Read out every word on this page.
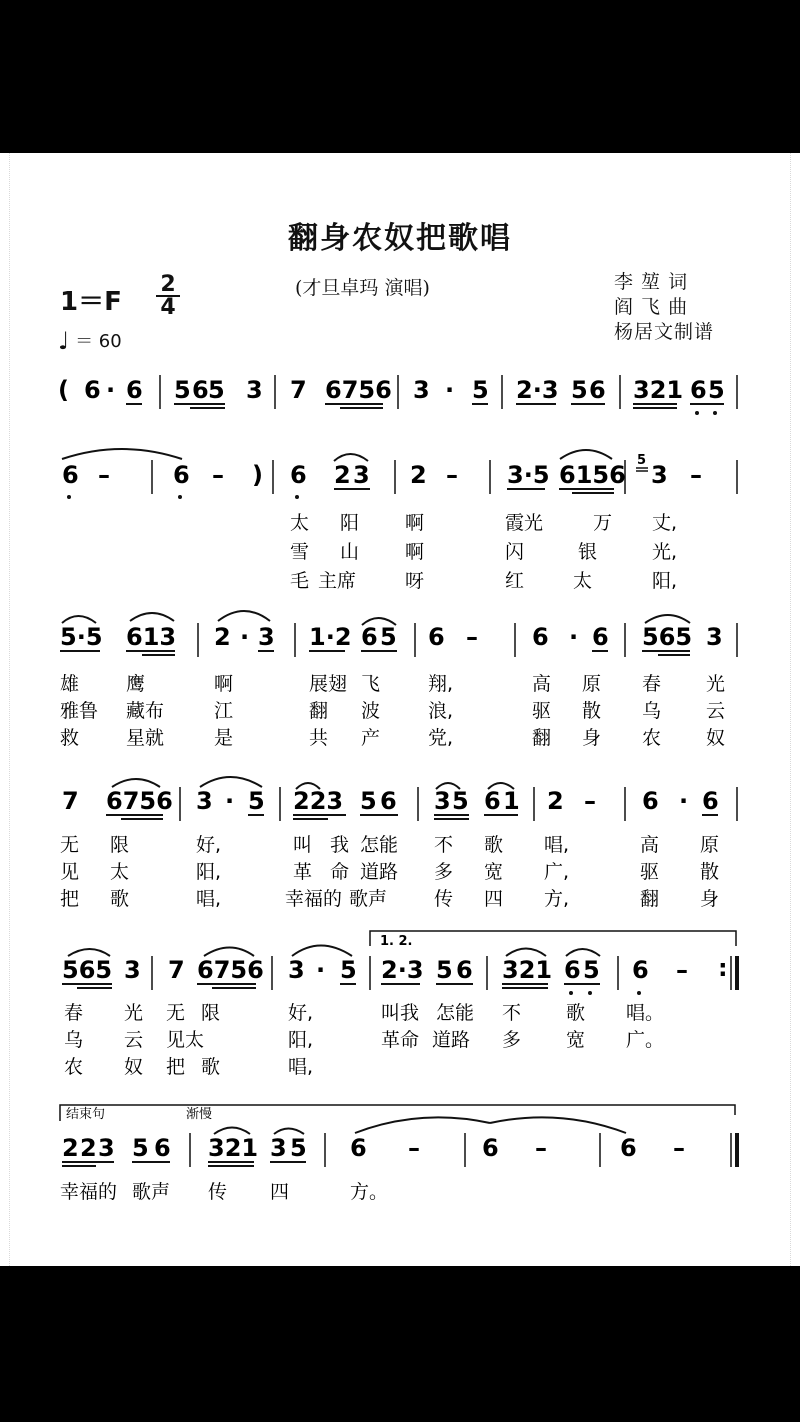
翻身农奴把歌唱
(才旦卓玛 演唱)	李 堃 词
阎 飞 曲
杨居文制谱
1＝F
2
4
♩ ＝ 60
( 6 · 6 5 6 5 3 7 6756 3 · 5 2·3 5 6 321 6 5
6 –	6 – ) 6 2 3 2 – 3·5 6156
5
3 –
太 阳 啊	霞光	万 丈,
雪 山 啊	闪	银	光,
毛 主席	呀	红	太	阳,
5·5 613 2 · 3 1·2 6 5 6 – 6 · 6 565 3
雄 鹰	啊	展翅 飞	翔,	高 原 春 光
雅鲁 藏布	江	翻 波	浪,	驱 散 乌 云
救 星就	是	共 产	党,	翻 身 农 奴
7 6756 3 · 5 223 5 6 3 5 6 1 2 – 6 · 6
无 限	好,	叫 我 怎能 不 歌 唱,	高 原
见 太	阳,	革 命 道路 多 宽 广,	驱 散
把 歌	唱,	幸福的 歌声 传 四 方,	翻 身
1. 2.
565 3 7 6756 3 · 5 2·3 5 6 321 6 5 6 – :
春 光 无 限	好,	叫我 怎能 不 歌 唱。
乌 云 见太	阳,	革命 道路 多 宽 广。
农 奴 把 歌	唱,
结束句	渐慢
2 2 3 5 6 321 3 5 6 –	6 –	6 –
幸福的 歌声 传 四	方。
